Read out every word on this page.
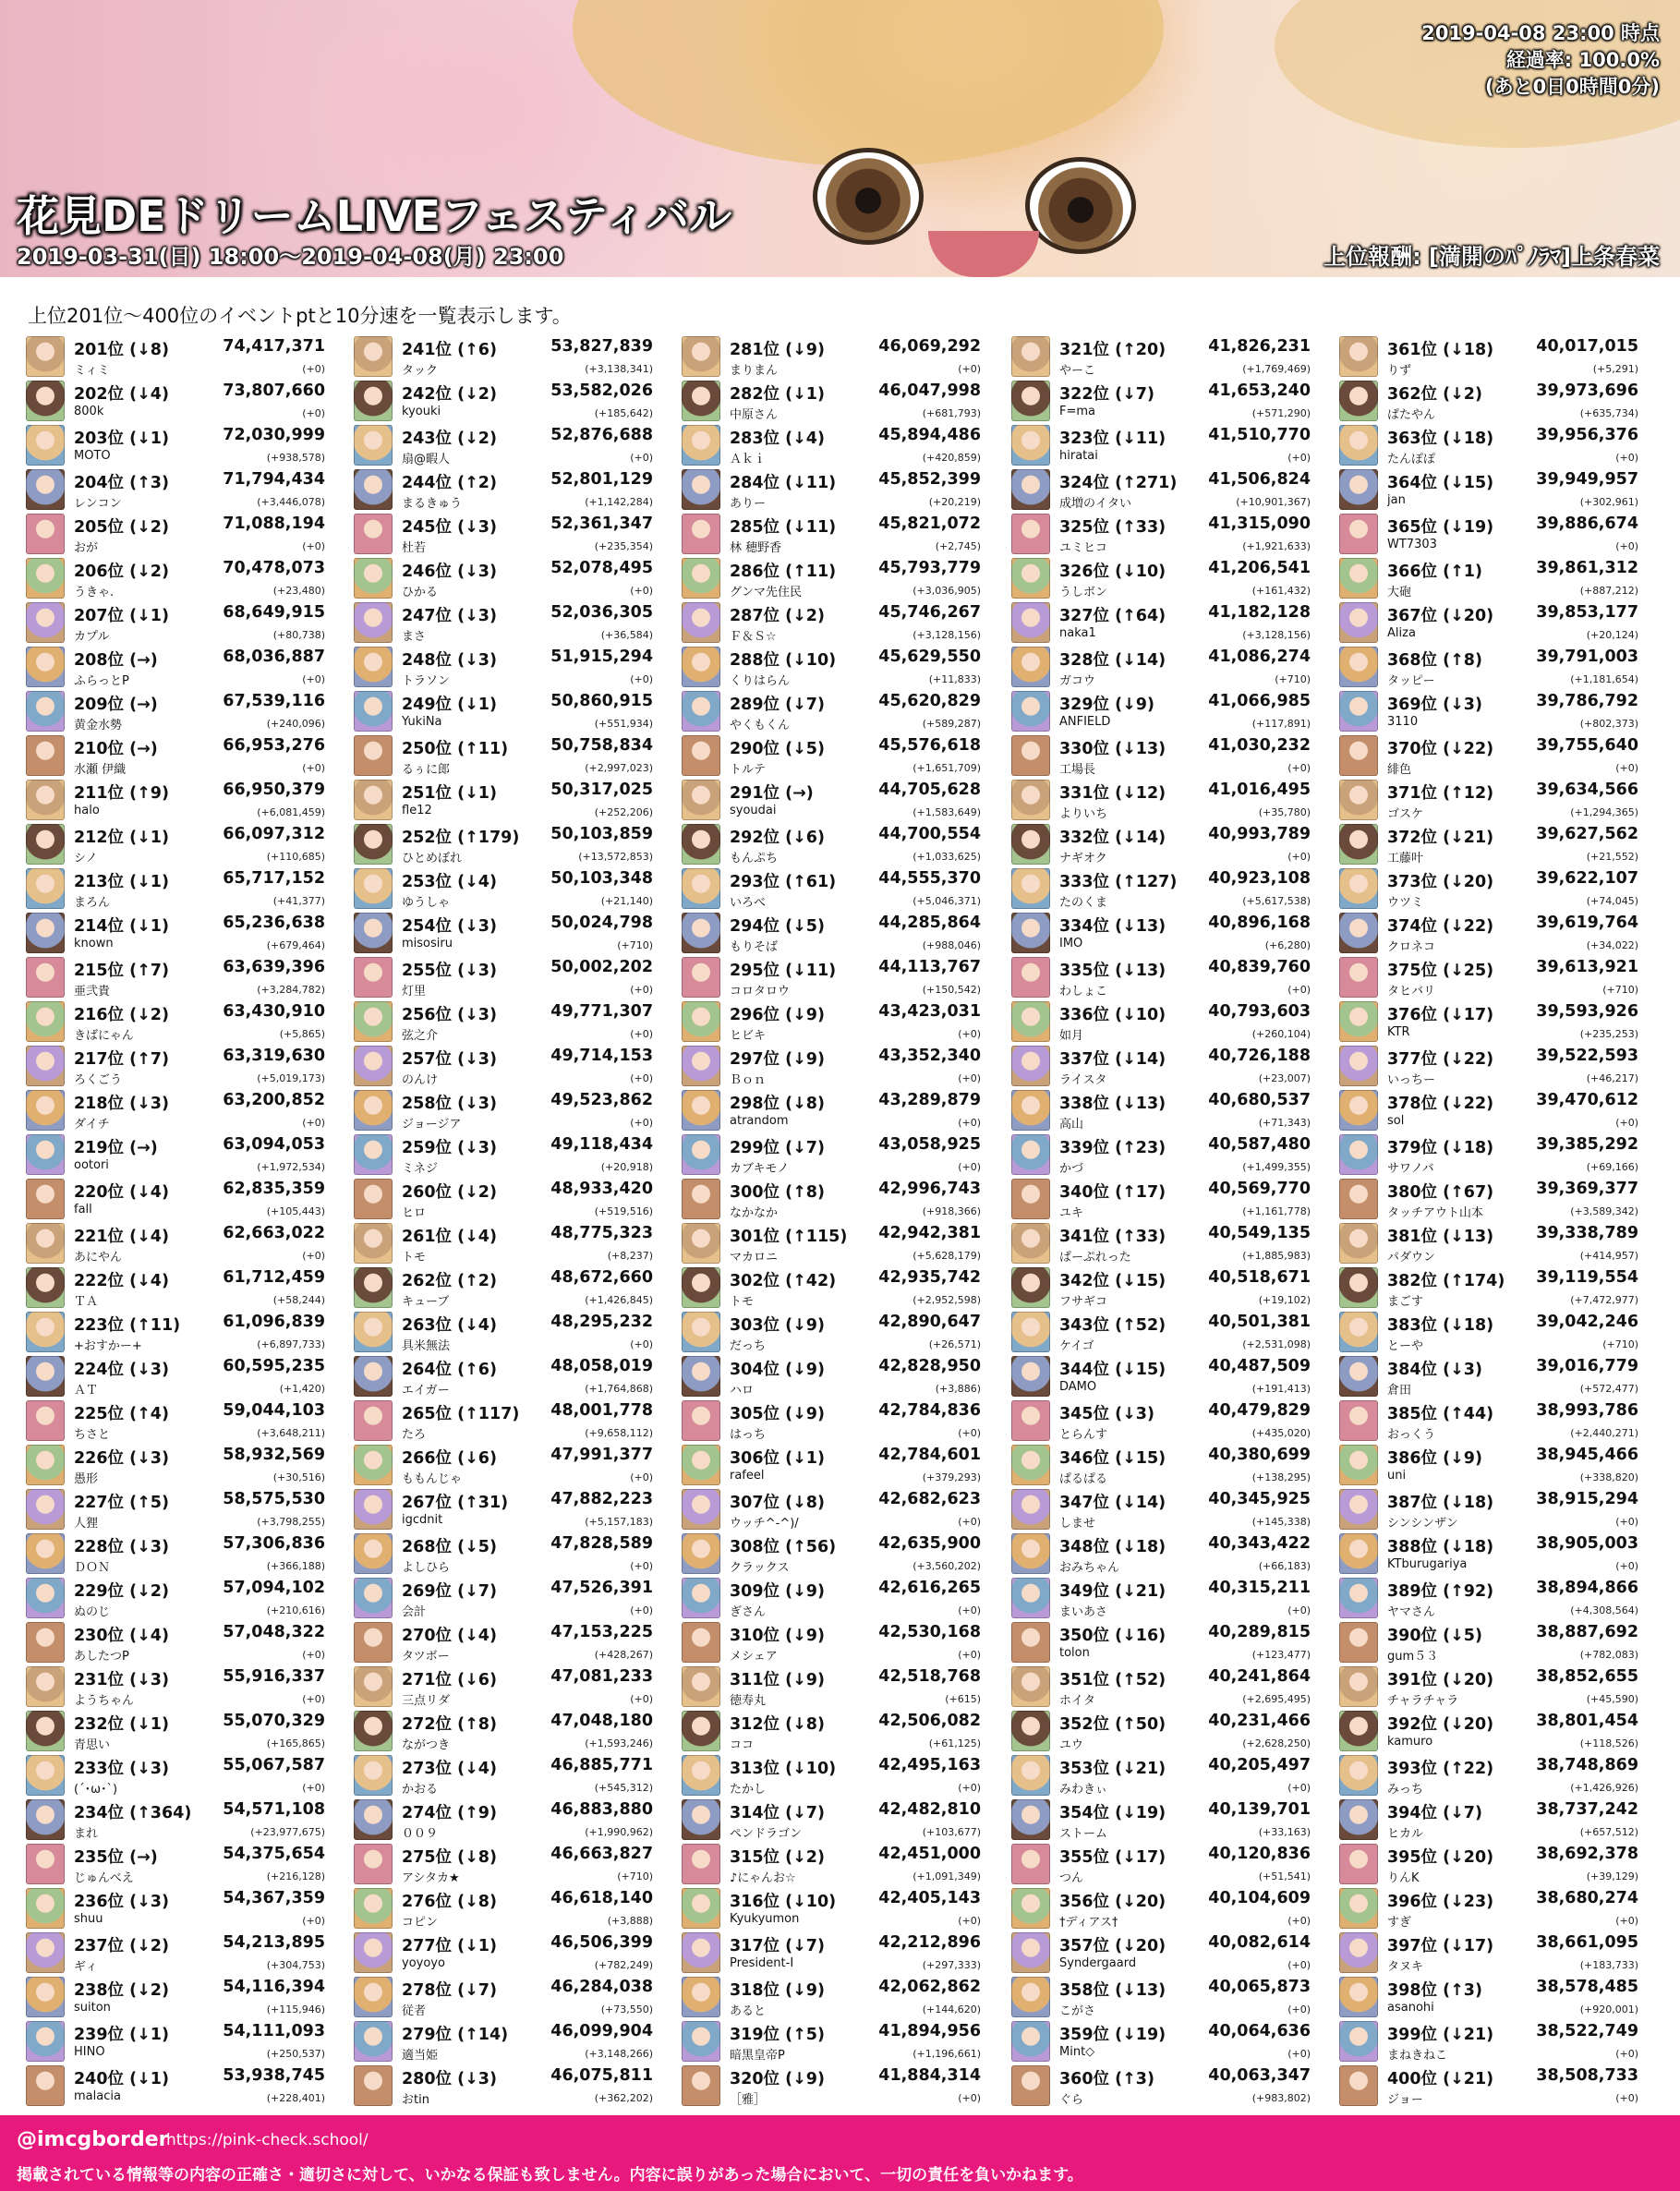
花見DEドリームLIVEフェスティバル
2019-03-31(日) 18:00～2019-04-08(月) 23:00	上位報酬: [満開のﾊﾟﾉﾗﾏ]上条春菜
2019-04-08 23:00 時点
経過率: 100.0%
(あと0日0時間0分)
上位201位～400位のイベントptと10分速を一覧表示します。
201位 (↓8)	74,417,371
ミィミ	(+0)
202位 (↓4)	73,807,660
800k	(+0)
203位 (↓1)	72,030,999
MOTO	(+938,578)
204位 (↑3)	71,794,434
レンコン	(+3,446,078)
205位 (↓2)	71,088,194
おが	(+0)
206位 (↓2)	70,478,073
うきゃ.	(+23,480)
207位 (↓1)	68,649,915
カプル	(+80,738)
208位 (→)	68,036,887
ふらっとP	(+0)
209位 (→)	67,539,116
黄金水勢	(+240,096)
210位 (→)	66,953,276
水瀬 伊織	(+0)
211位 (↑9)	66,950,379
halo	(+6,081,459)
212位 (↓1)	66,097,312
シノ	(+110,685)
213位 (↓1)	65,717,152
まろん	(+41,377)
214位 (↓1)	65,236,638
known	(+679,464)
215位 (↑7)	63,639,396
亜弐貴	(+3,284,782)
216位 (↓2)	63,430,910
きばにゃん	(+5,865)
217位 (↑7)	63,319,630
ろくごう	(+5,019,173)
218位 (↓3)	63,200,852
ダイチ	(+0)
219位 (→)	63,094,053
ootori	(+1,972,534)
220位 (↓4)	62,835,359
fall	(+105,443)
221位 (↓4)	62,663,022
あにやん	(+0)
222位 (↓4)	61,712,459
ＴＡ	(+58,244)
223位 (↑11)	61,096,839
+おすかー+	(+6,897,733)
224位 (↓3)	60,595,235
ＡＴ	(+1,420)
225位 (↑4)	59,044,103
ちさと	(+3,648,211)
226位 (↓3)	58,932,569
愚形	(+30,516)
227位 (↑5)	58,575,530
人狸	(+3,798,255)
228位 (↓3)	57,306,836
ＤＯＮ	(+366,188)
229位 (↓2)	57,094,102
ぬのじ	(+210,616)
230位 (↓4)	57,048,322
あしたつP	(+0)
231位 (↓3)	55,916,337
ようちゃん	(+0)
232位 (↓1)	55,070,329
青思い	(+165,865)
233位 (↓3)	55,067,587
(´･ω･`)	(+0)
234位 (↑364) 54,571,108
まれ	(+23,977,675)
235位 (→)	54,375,654
じゅんべえ	(+216,128)
236位 (↓3)	54,367,359
shuu	(+0)
237位 (↓2)	54,213,895
ギィ	(+304,753)
238位 (↓2)	54,116,394
suiton	(+115,946)
239位 (↓1)	54,111,093
HINO	(+250,537)
240位 (↓1)	53,938,745
malacia	(+228,401)
241位 (↑6)	53,827,839
タック	(+3,138,341)
242位 (↓2)	53,582,026
kyouki	(+185,642)
243位 (↓2)	52,876,688
扇@暇人	(+0)
244位 (↑2)	52,801,129
まるきゅう	(+1,142,284)
245位 (↓3)	52,361,347
杜若	(+235,354)
246位 (↓3)	52,078,495
ひかる	(+0)
247位 (↓3)	52,036,305
まさ	(+36,584)
248位 (↓3)	51,915,294
トラソン	(+0)
249位 (↓1)	50,860,915
YukiNa	(+551,934)
250位 (↑11)	50,758,834
るぅに郎	(+2,997,023)
251位 (↓1)	50,317,025
fle12	(+252,206)
252位 (↑179) 50,103,859
ひとめぼれ	(+13,572,853)
253位 (↓4)	50,103,348
ゆうしゃ	(+21,140)
254位 (↓3)	50,024,798
misosiru	(+710)
255位 (↓3)	50,002,202
灯里	(+0)
256位 (↓3)	49,771,307
弦之介	(+0)
257位 (↓3)	49,714,153
のんけ	(+0)
258位 (↓3)	49,523,862
ジョージア	(+0)
259位 (↓3)	49,118,434
ミネジ	(+20,918)
260位 (↓2)	48,933,420
ヒロ	(+519,516)
261位 (↓4)	48,775,323
トモ	(+8,237)
262位 (↑2)	48,672,660
キューブ	(+1,426,845)
263位 (↓4)	48,295,232
具米無法	(+0)
264位 (↑6)	48,058,019
エイガー	(+1,764,868)
265位 (↑117) 48,001,778
たろ	(+9,658,112)
266位 (↓6)	47,991,377
ももんじゃ	(+0)
267位 (↑31)	47,882,223
igcdnit	(+5,157,183)
268位 (↓5)	47,828,589
よしひら	(+0)
269位 (↓7)	47,526,391
会計	(+0)
270位 (↓4)	47,153,225
タツボー	(+428,267)
271位 (↓6)	47,081,233
三点リダ	(+0)
272位 (↑8)	47,048,180
ながつき	(+1,593,246)
273位 (↓4)	46,885,771
かおる	(+545,312)
274位 (↑9)	46,883,880
００９	(+1,990,962)
275位 (↓8)	46,663,827
アシタカ★	(+710)
276位 (↓8)	46,618,140
コピン	(+3,888)
277位 (↓1)	46,506,399
yoyoyo	(+782,249)
278位 (↓7)	46,284,038
従者	(+73,550)
279位 (↑14)	46,099,904
適当姫	(+3,148,266)
280位 (↓3)	46,075,811
おtin	(+362,202)
281位 (↓9)	46,069,292
まりまん	(+0)
282位 (↓1)	46,047,998
中原さん	(+681,793)
283位 (↓4)	45,894,486
Ａｋｉ	(+420,859)
284位 (↓11)	45,852,399
ありー	(+20,219)
285位 (↓11)	45,821,072
林 穂野香	(+2,745)
286位 (↑11)	45,793,779
グンマ先住民	(+3,036,905)
287位 (↓2)	45,746,267
Ｆ＆Ｓ☆	(+3,128,156)
288位 (↓10)	45,629,550
くりはらん	(+11,833)
289位 (↓7)	45,620,829
やくもくん	(+589,287)
290位 (↓5)	45,576,618
トルテ	(+1,651,709)
291位 (→)	44,705,628
syoudai	(+1,583,649)
292位 (↓6)	44,700,554
もんぷち	(+1,033,625)
293位 (↑61)	44,555,370
いろべ	(+5,046,371)
294位 (↓5)	44,285,864
もりそば	(+988,046)
295位 (↓11)	44,113,767
コロタロウ	(+150,542)
296位 (↓9)	43,423,031
ヒビキ	(+0)
297位 (↓9)	43,352,340
Ｂｏｎ	(+0)
298位 (↓8)	43,289,879
atrandom	(+0)
299位 (↓7)	43,058,925
カブキモノ	(+0)
300位 (↑8)	42,996,743
なかなか	(+918,366)
301位 (↑115) 42,942,381
マカロニ	(+5,628,179)
302位 (↑42)	42,935,742
トモ	(+2,952,598)
303位 (↓9)	42,890,647
だっち	(+26,571)
304位 (↓9)	42,828,950
ハロ	(+3,886)
305位 (↓9)	42,784,836
はっち	(+0)
306位 (↓1)	42,784,601
rafeel	(+379,293)
307位 (↓8)	42,682,623
ウッチ^-^)/	(+0)
308位 (↑56)	42,635,900
クラックス	(+3,560,202)
309位 (↓9)	42,616,265
ぎさん	(+0)
310位 (↓9)	42,530,168
メシェア	(+0)
311位 (↓9)	42,518,768
徳寿丸	(+615)
312位 (↓8)	42,506,082
ココ	(+61,125)
313位 (↓10)	42,495,163
たかし	(+0)
314位 (↓7)	42,482,810
ペンドラゴン	(+103,677)
315位 (↓2)	42,451,000
♪にゃんお☆	(+1,091,349)
316位 (↓10)	42,405,143
Kyukyumon	(+0)
317位 (↓7)	42,212,896
President-I	(+297,333)
318位 (↓9)	42,062,862
あると	(+144,620)
319位 (↑5)	41,894,956
暗黒皇帝P	(+1,196,661)
320位 (↓9)	41,884,314
［雅］	(+0)
321位 (↑20)	41,826,231
やーこ	(+1,769,469)
322位 (↓7)	41,653,240
F=ma	(+571,290)
323位 (↓11)	41,510,770
hiratai	(+0)
324位 (↑271) 41,506,824
成増のイタい	(+10,901,367)
325位 (↑33)	41,315,090
ユミヒコ	(+1,921,633)
326位 (↓10)	41,206,541
うしボン	(+161,432)
327位 (↑64)	41,182,128
naka1	(+3,128,156)
328位 (↓14)	41,086,274
ガコウ	(+710)
329位 (↓9)	41,066,985
ANFIELD	(+117,891)
330位 (↓13)	41,030,232
工場長	(+0)
331位 (↓12)	41,016,495
よりいち	(+35,780)
332位 (↓14)	40,993,789
ナギオク	(+0)
333位 (↑127) 40,923,108
たのくま	(+5,617,538)
334位 (↓13)	40,896,168
IMO	(+6,280)
335位 (↓13)	40,839,760
わしょこ	(+0)
336位 (↓10)	40,793,603
如月	(+260,104)
337位 (↓14)	40,726,188
ライスタ	(+23,007)
338位 (↓13)	40,680,537
高山	(+71,343)
339位 (↑23)	40,587,480
かづ	(+1,499,355)
340位 (↑17)	40,569,770
ユキ	(+1,161,778)
341位 (↑33)	40,549,135
ぱーぷれった	(+1,885,983)
342位 (↓15)	40,518,671
フサギコ	(+19,102)
343位 (↑52)	40,501,381
ケイゴ	(+2,531,098)
344位 (↓15)	40,487,509
DAMO	(+191,413)
345位 (↓3)	40,479,829
とらんす	(+435,020)
346位 (↓15)	40,380,699
ぱるぱる	(+138,295)
347位 (↓14)	40,345,925
しませ	(+145,338)
348位 (↓18)	40,343,422
おみちゃん	(+66,183)
349位 (↓21)	40,315,211
まいあさ	(+0)
350位 (↓16)	40,289,815
tolon	(+123,477)
351位 (↑52)	40,241,864
ホイタ	(+2,695,495)
352位 (↑50)	40,231,466
ユウ	(+2,628,250)
353位 (↓21)	40,205,497
みわきぃ	(+0)
354位 (↓19)	40,139,701
ストーム	(+33,163)
355位 (↓17)	40,120,836
つん	(+51,541)
356位 (↓20)	40,104,609
†ディアス†	(+0)
357位 (↓20)	40,082,614
Syndergaard	(+0)
358位 (↓13)	40,065,873
こがさ	(+0)
359位 (↓19)	40,064,636
Mint◇	(+0)
360位 (↑3)	40,063,347
ぐら	(+983,802)
361位 (↓18)	40,017,015
りず	(+5,291)
362位 (↓2)	39,973,696
ぱたやん	(+635,734)
363位 (↓18)	39,956,376
たんぽぽ	(+0)
364位 (↓15)	39,949,957
jan	(+302,961)
365位 (↓19)	39,886,674
WT7303	(+0)
366位 (↑1)	39,861,312
大砲	(+887,212)
367位 (↓20)	39,853,177
Aliza	(+20,124)
368位 (↑8)	39,791,003
タッピー	(+1,181,654)
369位 (↓3)	39,786,792
3110	(+802,373)
370位 (↓22)	39,755,640
緋色	(+0)
371位 (↑12)	39,634,566
ゴスケ	(+1,294,365)
372位 (↓21)	39,627,562
工藤叶	(+21,552)
373位 (↓20)	39,622,107
ウツミ	(+74,045)
374位 (↓22)	39,619,764
クロネコ	(+34,022)
375位 (↓25)	39,613,921
タヒバリ	(+710)
376位 (↓17)	39,593,926
KTR	(+235,253)
377位 (↓22)	39,522,593
いっちー	(+46,217)
378位 (↓22)	39,470,612
sol	(+0)
379位 (↓18)	39,385,292
サワノバ	(+69,166)
380位 (↑67)	39,369,377
タッチアウト山本	(+3,589,342)
381位 (↓13)	39,338,789
パダウン	(+414,957)
382位 (↑174) 39,119,554
まごす	(+7,472,977)
383位 (↓18)	39,042,246
とーや	(+710)
384位 (↓3)	39,016,779
倉田	(+572,477)
385位 (↑44)	38,993,786
おっくう	(+2,440,271)
386位 (↓9)	38,945,466
uni	(+338,820)
387位 (↓18)	38,915,294
シンシンザン	(+0)
388位 (↓18)	38,905,003
KTburugariya	(+0)
389位 (↑92)	38,894,866
ヤマさん	(+4,308,564)
390位 (↓5)	38,887,692
gum５３	(+782,083)
391位 (↓20)	38,852,655
チャラチャラ	(+45,590)
392位 (↓20)	38,801,454
kamuro	(+118,526)
393位 (↑22)	38,748,869
みっち	(+1,426,926)
394位 (↓7)	38,737,242
ヒカル	(+657,512)
395位 (↓20)	38,692,378
りんK	(+39,129)
396位 (↓23)	38,680,274
すぎ	(+0)
397位 (↓17)	38,661,095
タヌキ	(+183,733)
398位 (↑3)	38,578,485
asanohi	(+920,001)
399位 (↓21)	38,522,749
まねきねこ	(+0)
400位 (↓21)	38,508,733
ジョー	(+0)
@imcgborder
https://pink-check.school/
掲載されている情報等の内容の正確さ・適切さに対して、いかなる保証も致しません。内容に誤りがあった場合において、一切の責任を負いかねます。
